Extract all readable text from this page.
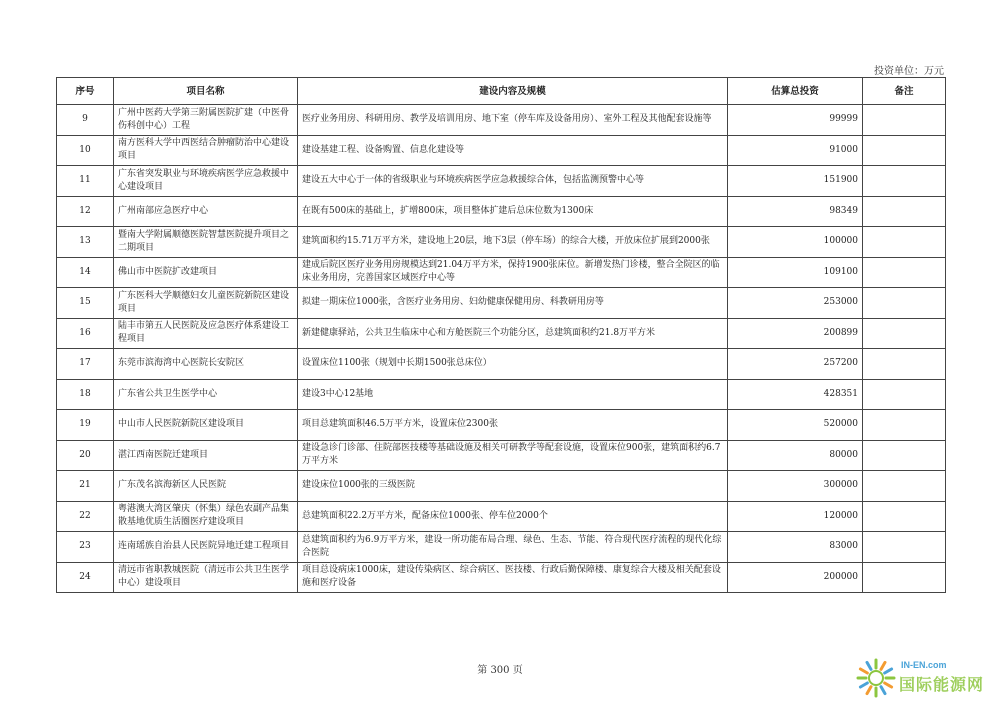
投资单位：万元
序号	项目名称	建设内容及规模	估算总投资	备注
9	广州中医药大学第三附属医院扩建（中医骨伤科创中心）工程	医疗业务用房、科研用房、教学及培训用房、地下室（停车库及设备用房）、室外工程及其他配套设施等	99999	
10	南方医科大学中西医结合肿瘤防治中心建设项目	建设基建工程、设备购置、信息化建设等	91000	
11	广东省突发职业与环境疾病医学应急救援中心建设项目	建设五大中心于一体的省级职业与环境疾病医学应急救援综合体，包括监测预警中心等	151900	
12	广州南部应急医疗中心	在既有500床的基础上，扩增800床，项目整体扩建后总床位数为1300床	98349	
13	暨南大学附属顺德医院智慧医院提升项目之二期项目	建筑面积约15.71万平方米，建设地上20层，地下3层（停车场）的综合大楼，开放床位扩展到2000张	100000	
14	佛山市中医院扩改建项目	建成后院区医疗业务用房规模达到21.04万平方米，保持1900张床位。新增发热门诊楼，整合全院区的临床业务用房，完善国家区域医疗中心等	109100	
15	广东医科大学顺德妇女儿童医院新院区建设项目	拟建一期床位1000张，含医疗业务用房、妇幼健康保健用房、科教研用房等	253000	
16	陆丰市第五人民医院及应急医疗体系建设工程项目	新建健康驿站，公共卫生临床中心和方舱医院三个功能分区，总建筑面积约21.8万平方米	200899	
17	东莞市滨海湾中心医院长安院区	设置床位1100张（规划中长期1500张总床位）	257200	
18	广东省公共卫生医学中心	建设3中心12基地	428351	
19	中山市人民医院新院区建设项目	项目总建筑面积46.5万平方米，设置床位2300张	520000	
20	湛江西南医院迁建项目	建设急诊门诊部、住院部医技楼等基础设施及相关可研教学等配套设施，设置床位900张，建筑面积约6.7万平方米	80000	
21	广东茂名滨海新区人民医院	建设床位1000张的三级医院	300000	
22	粤港澳大湾区肇庆（怀集）绿色农副产品集散基地优质生活圈医疗建设项目	总建筑面积22.2万平方米，配备床位1000张、停车位2000个	120000	
23	连南瑶族自治县人民医院异地迁建工程项目	总建筑面积约为6.9万平方米，建设一所功能布局合理、绿色、生态、节能、符合现代医疗流程的现代化综合医院	83000	
24	清远市省职教城医院（清远市公共卫生医学中心）建设项目	项目总设病床1000床，建设传染病区、综合病区、医技楼、行政后勤保障楼、康复综合大楼及相关配套设施和医疗设备	200000	
第 300 页	IN-EN.com
国际能源网
